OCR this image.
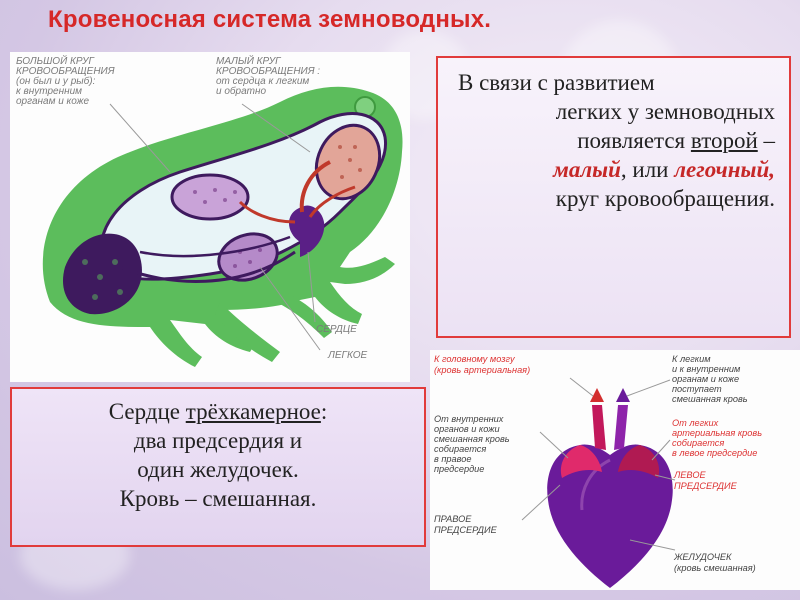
Кровеносная система земноводных.
БОЛЬШОЙ КРУГ КРОВООБРАЩЕНИЯ (он был и у рыб): к внутренним органам и коже
МАЛЫЙ КРУГ КРОВООБРАЩЕНИЯ : от сердца к легким и обратно
СЕРДЦЕ
ЛЕГКОЕ

В связи с развитием

легких у земноводных

появляется второй –

малый, или легочный,

круг кровообращения.

Сердце трёхкамерное:

два предсердия и

один желудочек.

Кровь – смешанная.

К головному мозгу (кровь артериальная)
К легким и к внутренним органам и коже поступает смешанная кровь
От внутренних органов и кожи смешанная кровь собирается в правое предсердие
От легких артериальная кровь собирается в левое предсердие
ЛЕВОЕ ПРЕДСЕРДИЕ
ПРАВОЕ ПРЕДСЕРДИЕ
ЖЕЛУДОЧЕК (кровь смешанная)
